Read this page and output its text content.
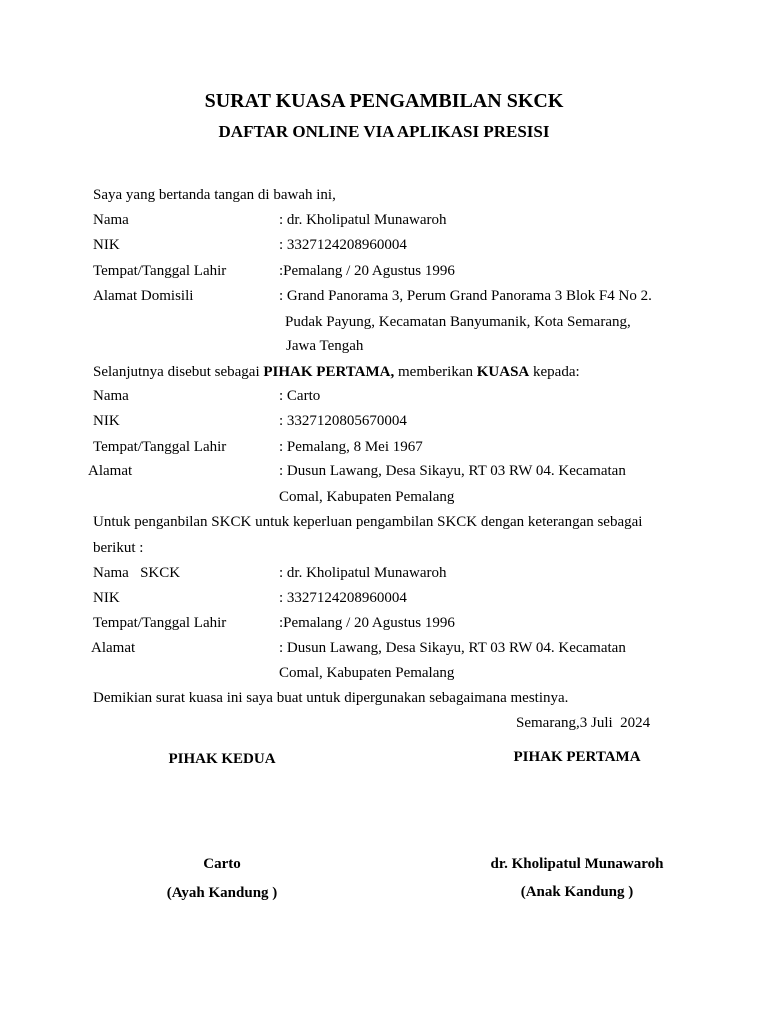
SURAT KUASA PENGAMBILAN SKCK
DAFTAR ONLINE VIA APLIKASI PRESISI
Saya yang bertanda tangan di bawah ini,
Nama	: dr. Kholipatul Munawaroh
NIK	: 3327124208960004
Tempat/Tanggal Lahir	:Pemalang / 20 Agustus 1996
Alamat Domisili	: Grand Panorama 3, Perum Grand Panorama 3 Blok F4 No 2.
Pudak Payung, Kecamatan Banyumanik, Kota Semarang,
Jawa Tengah
Selanjutnya disebut sebagai PIHAK PERTAMA, memberikan KUASA kepada:
Nama	: Carto
NIK	: 3327120805670004
Tempat/Tanggal Lahir	: Pemalang, 8 Mei 1967
Alamat	: Dusun Lawang, Desa Sikayu, RT 03 RW 04. Kecamatan
Comal, Kabupaten Pemalang
Untuk penganbilan SKCK untuk keperluan pengambilan SKCK dengan keterangan sebagai
berikut :
Nama   SKCK	: dr. Kholipatul Munawaroh
NIK	: 3327124208960004
Tempat/Tanggal Lahir	:Pemalang / 20 Agustus 1996
Alamat	: Dusun Lawang, Desa Sikayu, RT 03 RW 04. Kecamatan
Comal, Kabupaten Pemalang
Demikian surat kuasa ini saya buat untuk dipergunakan sebagaimana mestinya.
Semarang,3 Juli  2024
PIHAK KEDUA	PIHAK PERTAMA
Carto	dr. Kholipatul Munawaroh
(Ayah Kandung )	(Anak Kandung )
